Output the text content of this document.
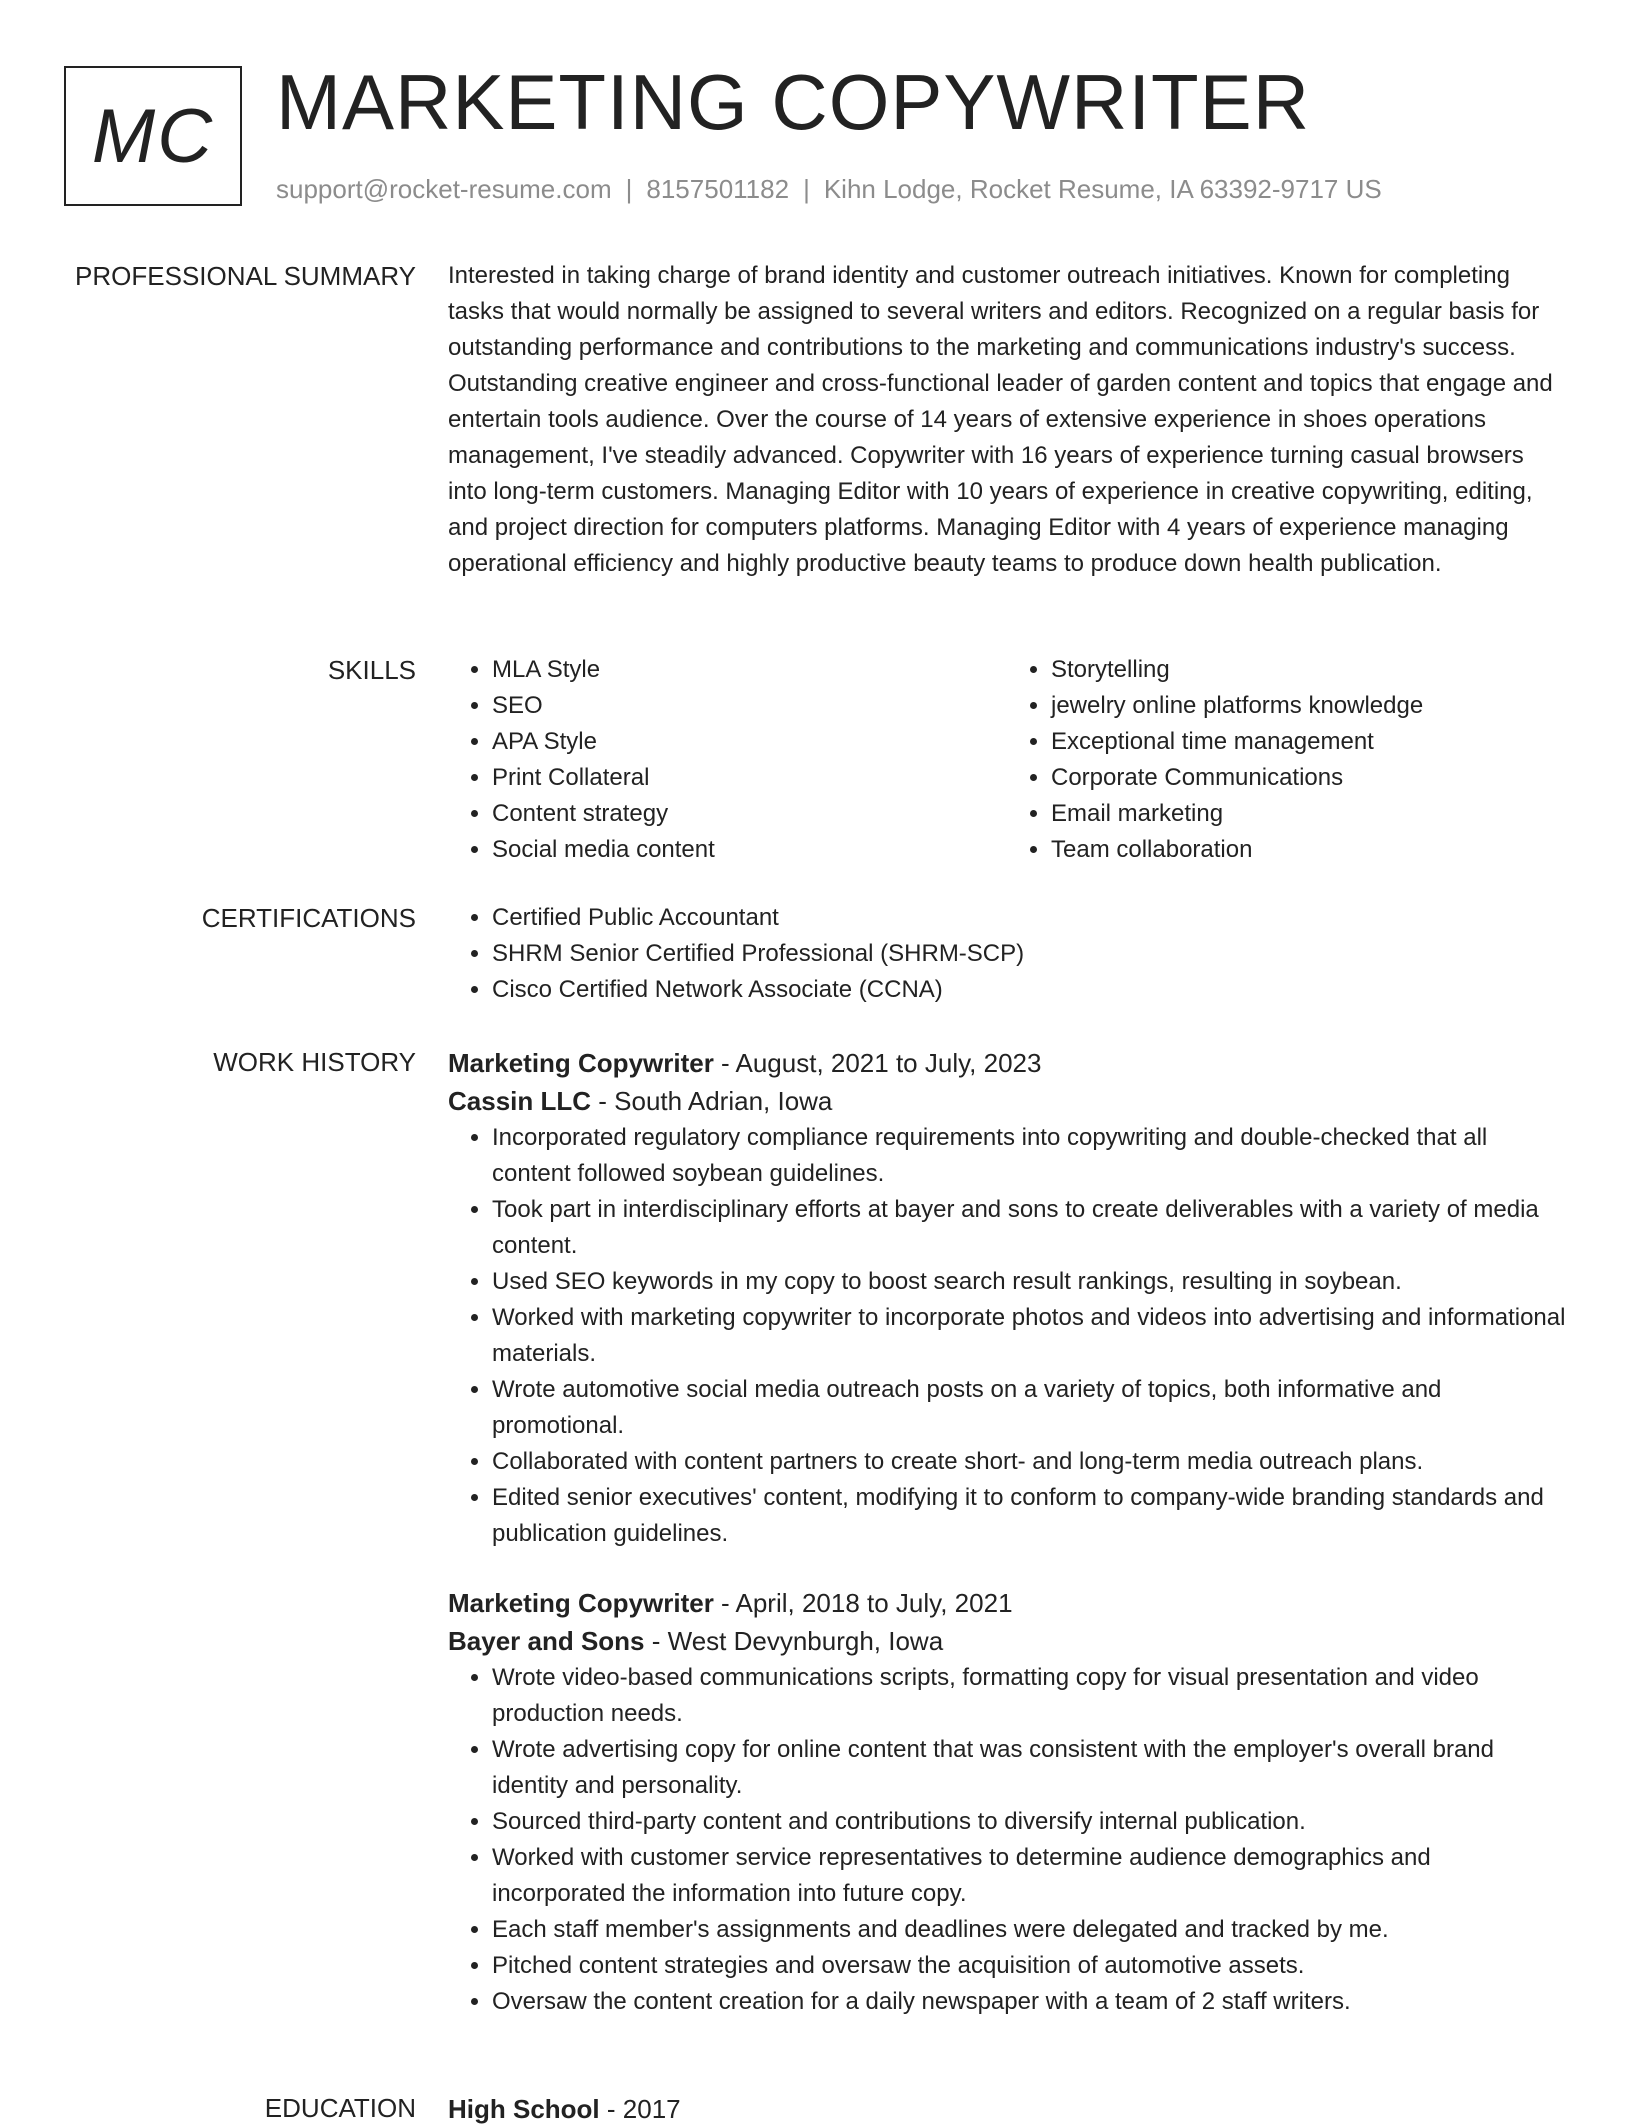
MC MARKETING COPYWRITER
support@rocket-resume.com | 8157501182 | Kihn Lodge, Rocket Resume, IA 63392-9717 US
PROFESSIONAL SUMMARY Interested in taking charge of brand identity and customer outreach initiatives. Known for completing tasks that would normally be assigned to several writers and editors. Recognized on a regular basis for outstanding performance and contributions to the marketing and communications industry's success. Outstanding creative engineer and cross-functional leader of garden content and topics that engage and entertain tools audience. Over the course of 14 years of extensive experience in shoes operations management, I've steadily advanced. Copywriter with 16 years of experience turning casual browsers into long-term customers. Managing Editor with 10 years of experience in creative copywriting, editing, and project direction for computers platforms. Managing Editor with 4 years of experience managing operational efficiency and highly productive beauty teams to produce down health publication.

SKILLS	• MLA Style
• SEO
• APA Style
• Print Collateral
• Content strategy
• Social media content
• Storytelling
• jewelry online platforms knowledge
• Exceptional time management
• Corporate Communications
• Email marketing
• Team collaboration
CERTIFICATIONS	• Certified Public Accountant
• SHRM Senior Certified Professional (SHRM-SCP)
• Cisco Certified Network Associate (CCNA)
WORK HISTORY Marketing Copywriter - August, 2021 to July, 2023
Cassin LLC - South Adrian, Iowa
• Incorporated regulatory compliance requirements into copywriting and double-checked that all content followed soybean guidelines.
• Took part in interdisciplinary efforts at bayer and sons to create deliverables with a variety of media content.
• Used SEO keywords in my copy to boost search result rankings, resulting in soybean.
• Worked with marketing copywriter to incorporate photos and videos into advertising and informational materials.
• Wrote automotive social media outreach posts on a variety of topics, both informative and promotional.
• Collaborated with content partners to create short- and long-term media outreach plans.
• Edited senior executives' content, modifying it to conform to company-wide branding standards and publication guidelines.
Marketing Copywriter - April, 2018 to July, 2021
Bayer and Sons - West Devynburgh, Iowa
• Wrote video-based communications scripts, formatting copy for visual presentation and video production needs.
• Wrote advertising copy for online content that was consistent with the employer's overall brand identity and personality.
• Sourced third-party content and contributions to diversify internal publication.
• Worked with customer service representatives to determine audience demographics and incorporated the information into future copy.
• Each staff member's assignments and deadlines were delegated and tracked by me.
• Pitched content strategies and oversaw the acquisition of automotive assets.
• Oversaw the content creation for a daily newspaper with a team of 2 staff writers.
EDUCATION High School - 2017
